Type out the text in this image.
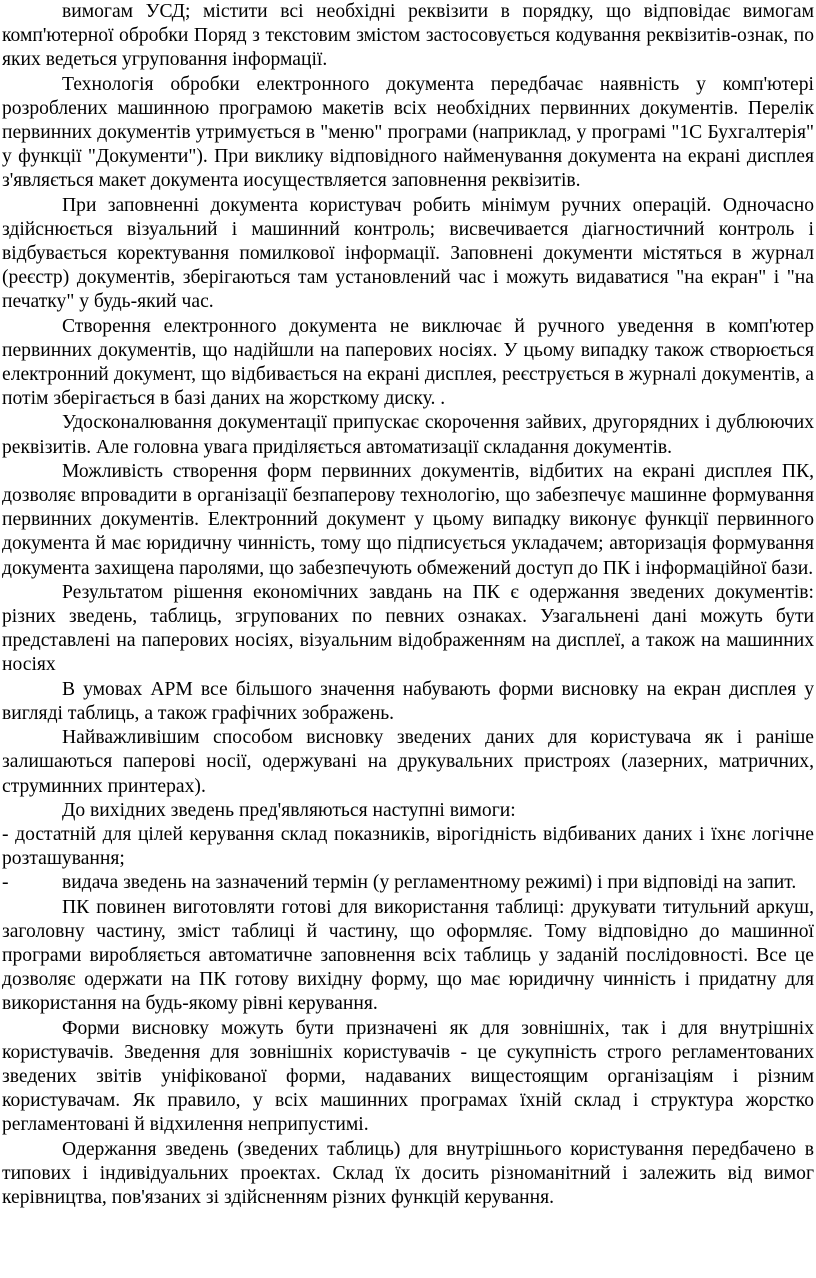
вимогам УСД; містити всі необхідні реквізити в порядку, що відповідає вимогам комп'ютерної обробки Поряд з текстовим змістом застосовується кодування реквізитів-ознак, по яких ведеться угруповання інформації.

Технологія обробки електронного документа передбачає наявність у комп'ютері розроблених машинною програмою макетів всіх необхідних первинних документів. Перелік первинних документів утримується в "меню" програми (наприклад, у програмі "1С Бухгалтерія" у функції "Документи"). При виклику відповідного найменування документа на екрані дисплея з'являється макет документа иосуществляется заповнення реквізитів.

При заповненні документа користувач робить мінімум ручних операцій. Одночасно здійснюється візуальний і машинний контроль; висвечивается діагностичний контроль і відбувається коректування помилкової інформації. Заповнені документи містяться в журнал (реєстр) документів, зберігаються там установлений час і можуть видаватися "на екран" і "на печатку" у будь-який час.

Створення електронного документа не виключає й ручного уведення в комп'ютер первинних документів, що надійшли на паперових носіях. У цьому випадку також створюється електронний документ, що відбивається на екрані дисплея, реєструється в журналі документів, а потім зберігається в базі даних на жорсткому диску. .

Удосконалювання документації припускає скорочення зайвих, другорядних і дублюючих реквізитів. Але головна увага приділяється автоматизації складання документів.

Можливість створення форм первинних документів, відбитих на екрані дисплея ПК, дозволяє впровадити в організації безпаперову технологію, що забезпечує машинне формування первинних документів. Електронний документ у цьому випадку виконує функції первинного документа й має юридичну чинність, тому що підписується укладачем; авторизація формування документа захищена паролями, що забезпечують обмежений доступ до ПК і інформаційної бази.

Результатом рішення економічних завдань на ПК є одержання зведених документів: різних зведень, таблиць, згрупованих по певних ознаках. Узагальнені дані можуть бути представлені на паперових носіях, візуальним відображенням на дисплеї, а також на машинних носіях

В умовах АРМ все більшого значення набувають форми висновку на екран дисплея у вигляді таблиць, а також графічних зображень.

Найважливішим способом висновку зведених даних для користувача як і раніше залишаються паперові носії, одержувані на друкувальних пристроях (лазерних, матричних, струминних принтерах).

До вихідних зведень пред'являються наступні вимоги:

- достатній для цілей керування склад показників, вірогідність відбиваних даних і їхнє логічне розташування;

-	видача зведень на зазначений термін (у регламентному режимі) і при відповіді на запит.

ПК повинен виготовляти готові для використання таблиці: друкувати титульний аркуш, заголовну частину, зміст таблиці й частину, що оформляє. Тому відповідно до машинної програми виробляється автоматичне заповнення всіх таблиць у заданій послідовності. Все це дозволяє одержати на ПК готову вихідну форму, що має юридичну чинність і придатну для використання на будь-якому рівні керування.

Форми висновку можуть бути призначені як для зовнішніх, так і для внутрішніх користувачів. Зведення для зовнішніх користувачів - це сукупність строго регламентованих зведених звітів уніфікованої форми, надаваних вищестоящим організаціям і різним користувачам. Як правило, у всіх машинних програмах їхній склад і структура жорстко регламентовані й відхилення неприпустимі.

Одержання зведень (зведених таблиць) для внутрішнього користування передбачено в типових і індивідуальних проектах. Склад їх досить різноманітний і залежить від вимог керівництва, пов'язаних зі здійсненням різних функцій керування.
